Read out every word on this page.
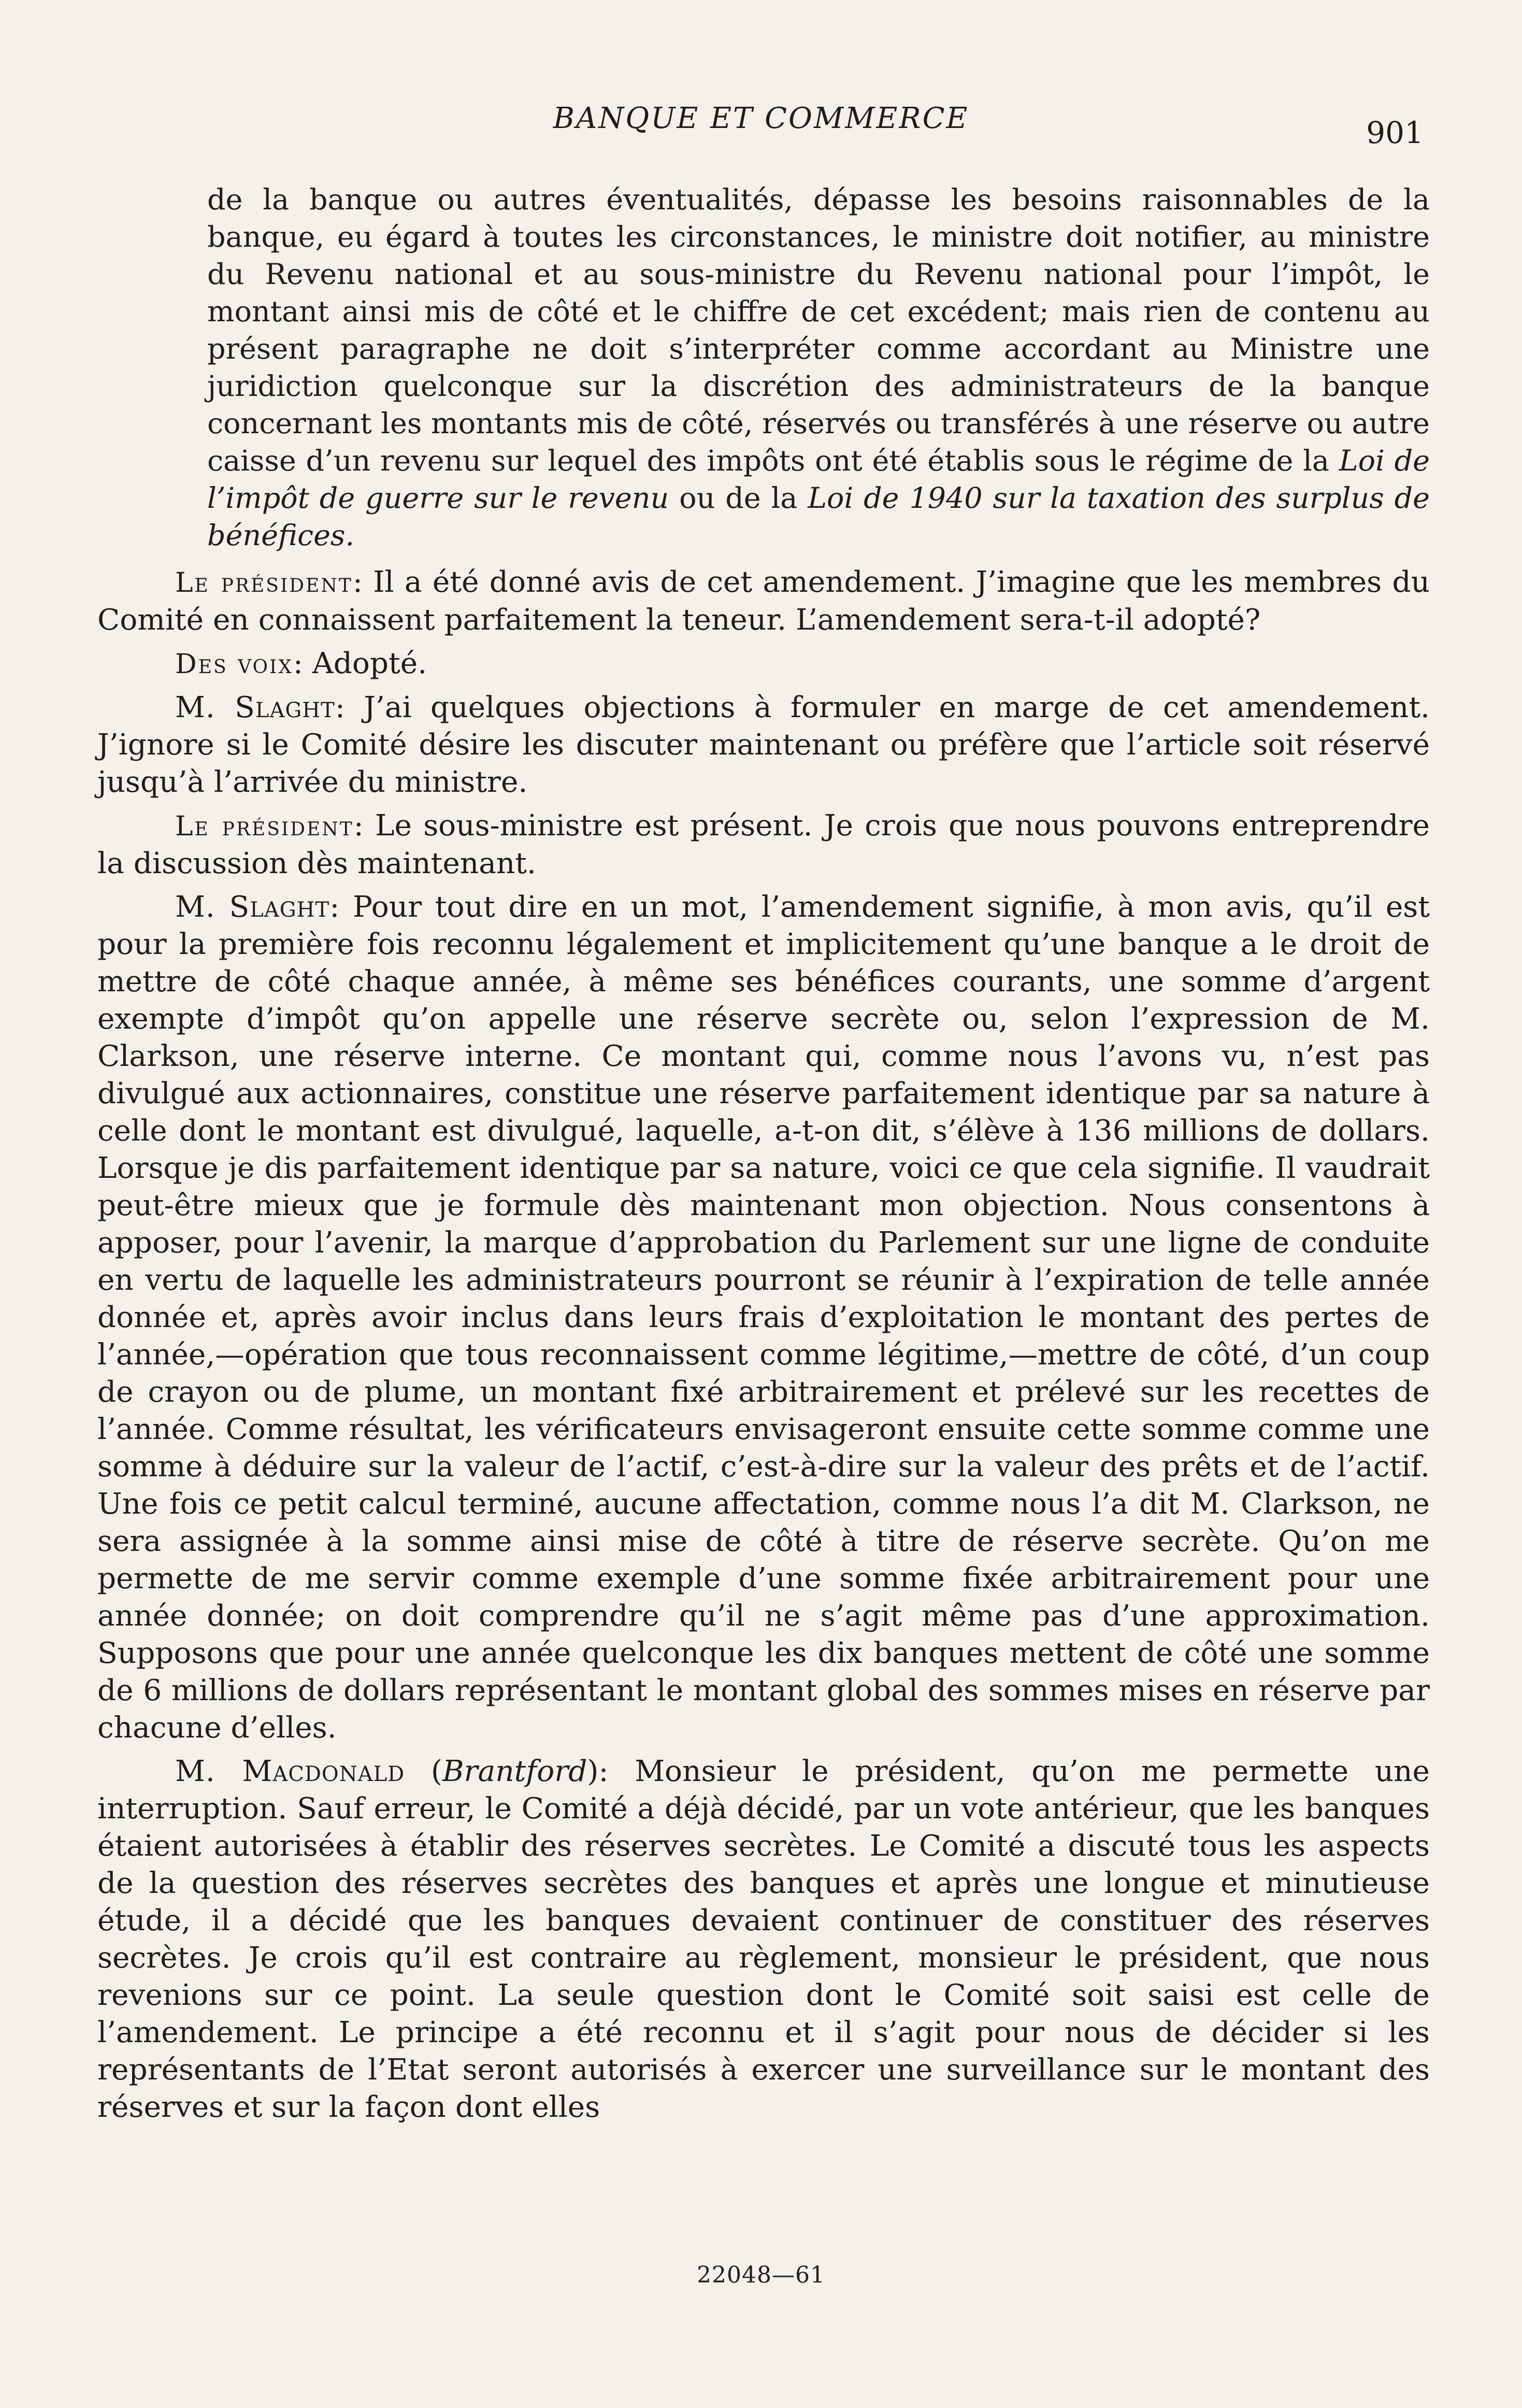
BANQUE ET COMMERCE	901

de la banque ou autres éventualités, dépasse les besoins raisonnables de la banque, eu égard à toutes les circonstances, le ministre doit notifier, au ministre du Revenu national et au sous-ministre du Revenu national pour l’impôt, le montant ainsi mis de côté et le chiffre de cet excédent; mais rien de contenu au présent paragraphe ne doit s’interpréter comme accordant au Ministre une juridiction quelconque sur la discrétion des administrateurs de la banque concernant les montants mis de côté, réservés ou transférés à une réserve ou autre caisse d’un revenu sur lequel des impôts ont été établis sous le régime de la Loi de l’impôt de guerre sur le revenu ou de la Loi de 1940 sur la taxation des surplus de bénéfices.

Le président: Il a été donné avis de cet amendement. J’imagine que les membres du Comité en connaissent parfaitement la teneur. L’amendement sera-t-il adopté?

Des voix: Adopté.

M. Slaght: J’ai quelques objections à formuler en marge de cet amendement. J’ignore si le Comité désire les discuter maintenant ou préfère que l’article soit réservé jusqu’à l’arrivée du ministre.

Le président: Le sous-ministre est présent. Je crois que nous pouvons entreprendre la discussion dès maintenant.

M. Slaght: Pour tout dire en un mot, l’amendement signifie, à mon avis, qu’il est pour la première fois reconnu légalement et implicitement qu’une banque a le droit de mettre de côté chaque année, à même ses bénéfices courants, une somme d’argent exempte d’impôt qu’on appelle une réserve secrète ou, selon l’expression de M. Clarkson, une réserve interne. Ce montant qui, comme nous l’avons vu, n’est pas divulgué aux actionnaires, constitue une réserve parfaitement identique par sa nature à celle dont le montant est divulgué, laquelle, a-t-on dit, s’élève à 136 millions de dollars. Lorsque je dis parfaitement identique par sa nature, voici ce que cela signifie. Il vaudrait peut-être mieux que je formule dès maintenant mon objection. Nous consentons à apposer, pour l’avenir, la marque d’approbation du Parlement sur une ligne de conduite en vertu de laquelle les administrateurs pourront se réunir à l’expiration de telle année donnée et, après avoir inclus dans leurs frais d’exploitation le montant des pertes de l’année,—opération que tous reconnaissent comme légitime,—mettre de côté, d’un coup de crayon ou de plume, un montant fixé arbitrairement et prélevé sur les recettes de l’année. Comme résultat, les vérificateurs envisageront ensuite cette somme comme une somme à déduire sur la valeur de l’actif, c’est-à-dire sur la valeur des prêts et de l’actif. Une fois ce petit calcul terminé, aucune affectation, comme nous l’a dit M. Clarkson, ne sera assignée à la somme ainsi mise de côté à titre de réserve secrète. Qu’on me permette de me servir comme exemple d’une somme fixée arbitrairement pour une année donnée; on doit comprendre qu’il ne s’agit même pas d’une approximation. Supposons que pour une année quelconque les dix banques mettent de côté une somme de 6 millions de dollars représentant le montant global des sommes mises en réserve par chacune d’elles.

M. Macdonald (Brantford): Monsieur le président, qu’on me permette une interruption. Sauf erreur, le Comité a déjà décidé, par un vote antérieur, que les banques étaient autorisées à établir des réserves secrètes. Le Comité a discuté tous les aspects de la question des réserves secrètes des banques et après une longue et minutieuse étude, il a décidé que les banques devaient continuer de constituer des réserves secrètes. Je crois qu’il est contraire au règlement, monsieur le président, que nous revenions sur ce point. La seule question dont le Comité soit saisi est celle de l’amendement. Le principe a été reconnu et il s’agit pour nous de décider si les représentants de l’Etat seront autorisés à exercer une surveillance sur le montant des réserves et sur la façon dont elles

22048—61
